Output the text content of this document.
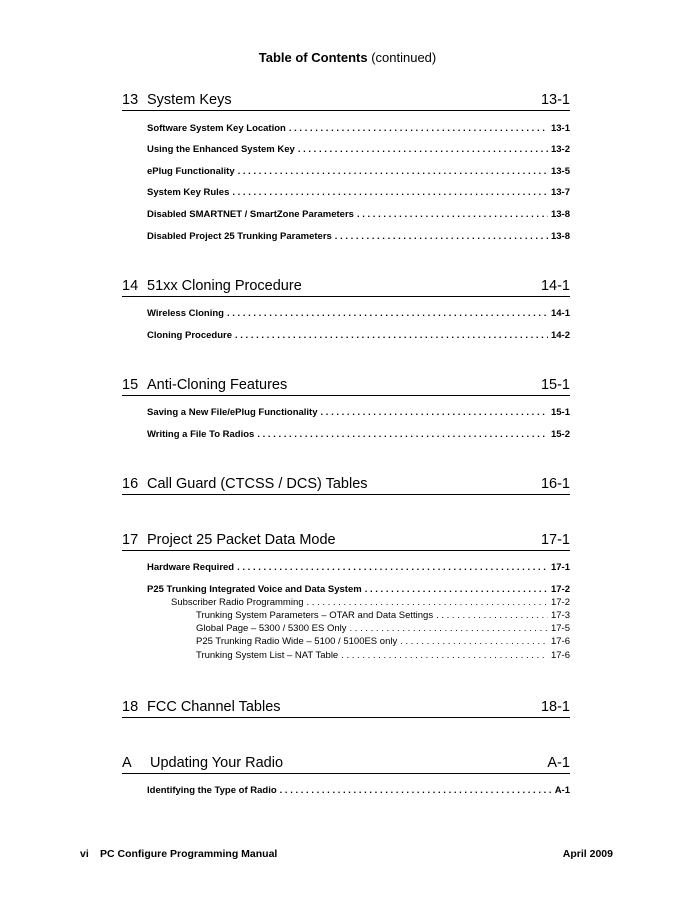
Table of Contents (continued)
13 System Keys	13-1
Software System Key Location . . .	13-1
Using the Enhanced System Key . . .	13-2
ePlug Functionality . . .	13-5
System Key Rules . . .	13-7
Disabled SMARTNET / SmartZone Parameters . . .	13-8
Disabled Project 25 Trunking Parameters . . .	13-8
14 51xx Cloning Procedure	14-1
Wireless Cloning . . .	14-1
Cloning Procedure . . .	14-2
15 Anti-Cloning Features	15-1
Saving a New File/ePlug Functionality . . .	15-1
Writing a File To Radios . . .	15-2
16 Call Guard (CTCSS / DCS) Tables	16-1
17 Project 25 Packet Data Mode	17-1
Hardware Required . . .	17-1
P25 Trunking Integrated Voice and Data System . . .	17-2
Subscriber Radio Programming . . .	17-2
Trunking System Parameters – OTAR and Data Settings . . .	17-3
Global Page – 5300 / 5300 ES Only . . .	17-5
P25 Trunking Radio Wide – 5100 / 5100ES only . . .	17-6
Trunking System List – NAT Table . . .	17-6
18 FCC Channel Tables	18-1
A Updating Your Radio	A-1
Identifying the Type of Radio . . .	A-1
vi PC Configure Programming Manual	April 2009
